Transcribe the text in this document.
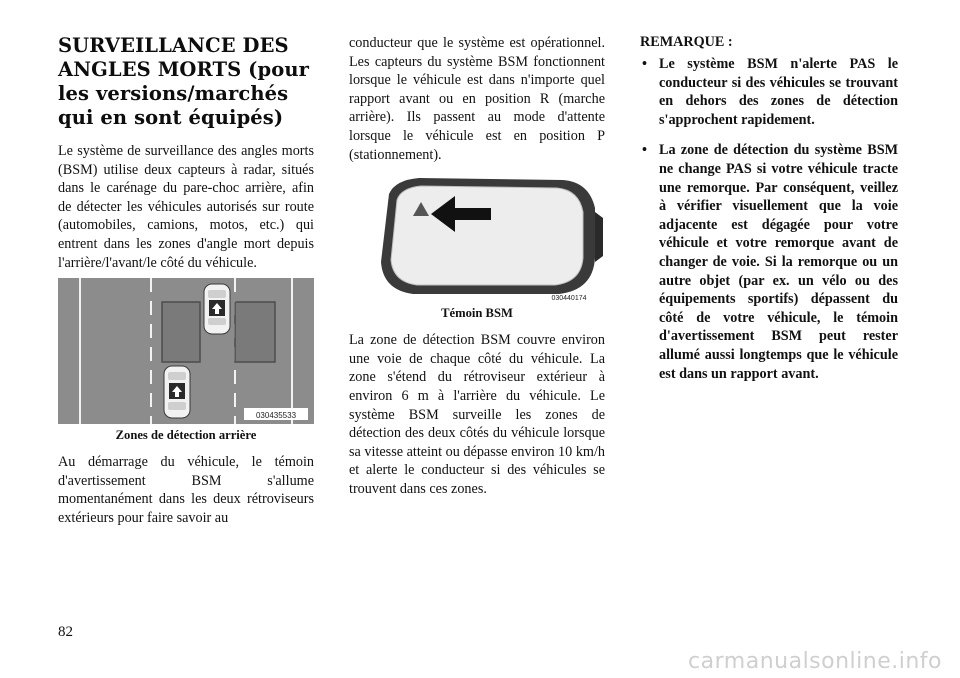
SURVEILLANCE DES ANGLES MORTS (pour les versions/marchés qui en sont équipés)

Le système de surveillance des angles morts (BSM) utilise deux capteurs à radar, situés dans le carénage du pare-choc arrière, afin de détecter les véhicules autorisés sur route (automobiles, camions, motos, etc.) qui entrent dans les zones d'angle mort depuis l'arrière/l'avant/le côté du véhicule.

030435533
Zones de détection arrière

Au démarrage du véhicule, le témoin d'avertissement BSM s'allume momentanément dans les deux rétroviseurs extérieurs pour faire savoir au

conducteur que le système est opérationnel. Les capteurs du système BSM fonctionnent lorsque le véhicule est dans n'importe quel rapport avant ou en position R (marche arrière). Ils passent au mode d'attente lorsque le véhicule est en position P (stationnement).

030440174
Témoin BSM

La zone de détection BSM couvre environ une voie de chaque côté du véhicule. La zone s'étend du rétroviseur extérieur à environ 6 m à l'arrière du véhicule. Le système BSM surveille les zones de détection des deux côtés du véhicule lorsque sa vitesse atteint ou dépasse environ 10 km/h et alerte le conducteur si des véhicules se trouvent dans ces zones.

REMARQUE :
• Le système BSM n'alerte PAS le conducteur si des véhicules se trouvant en dehors des zones de détection s'approchent rapidement.
• La zone de détection du système BSM ne change PAS si votre véhicule tracte une remorque. Par conséquent, veillez à vérifier visuellement que la voie adjacente est dégagée pour votre véhicule et votre remorque avant de changer de voie. Si la remorque ou un autre objet (par ex. un vélo ou des équipements sportifs) dépassent du côté de votre véhicule, le témoin d'avertissement BSM peut rester allumé aussi longtemps que le véhicule est dans un rapport avant.
82
carmanualsonline.info
